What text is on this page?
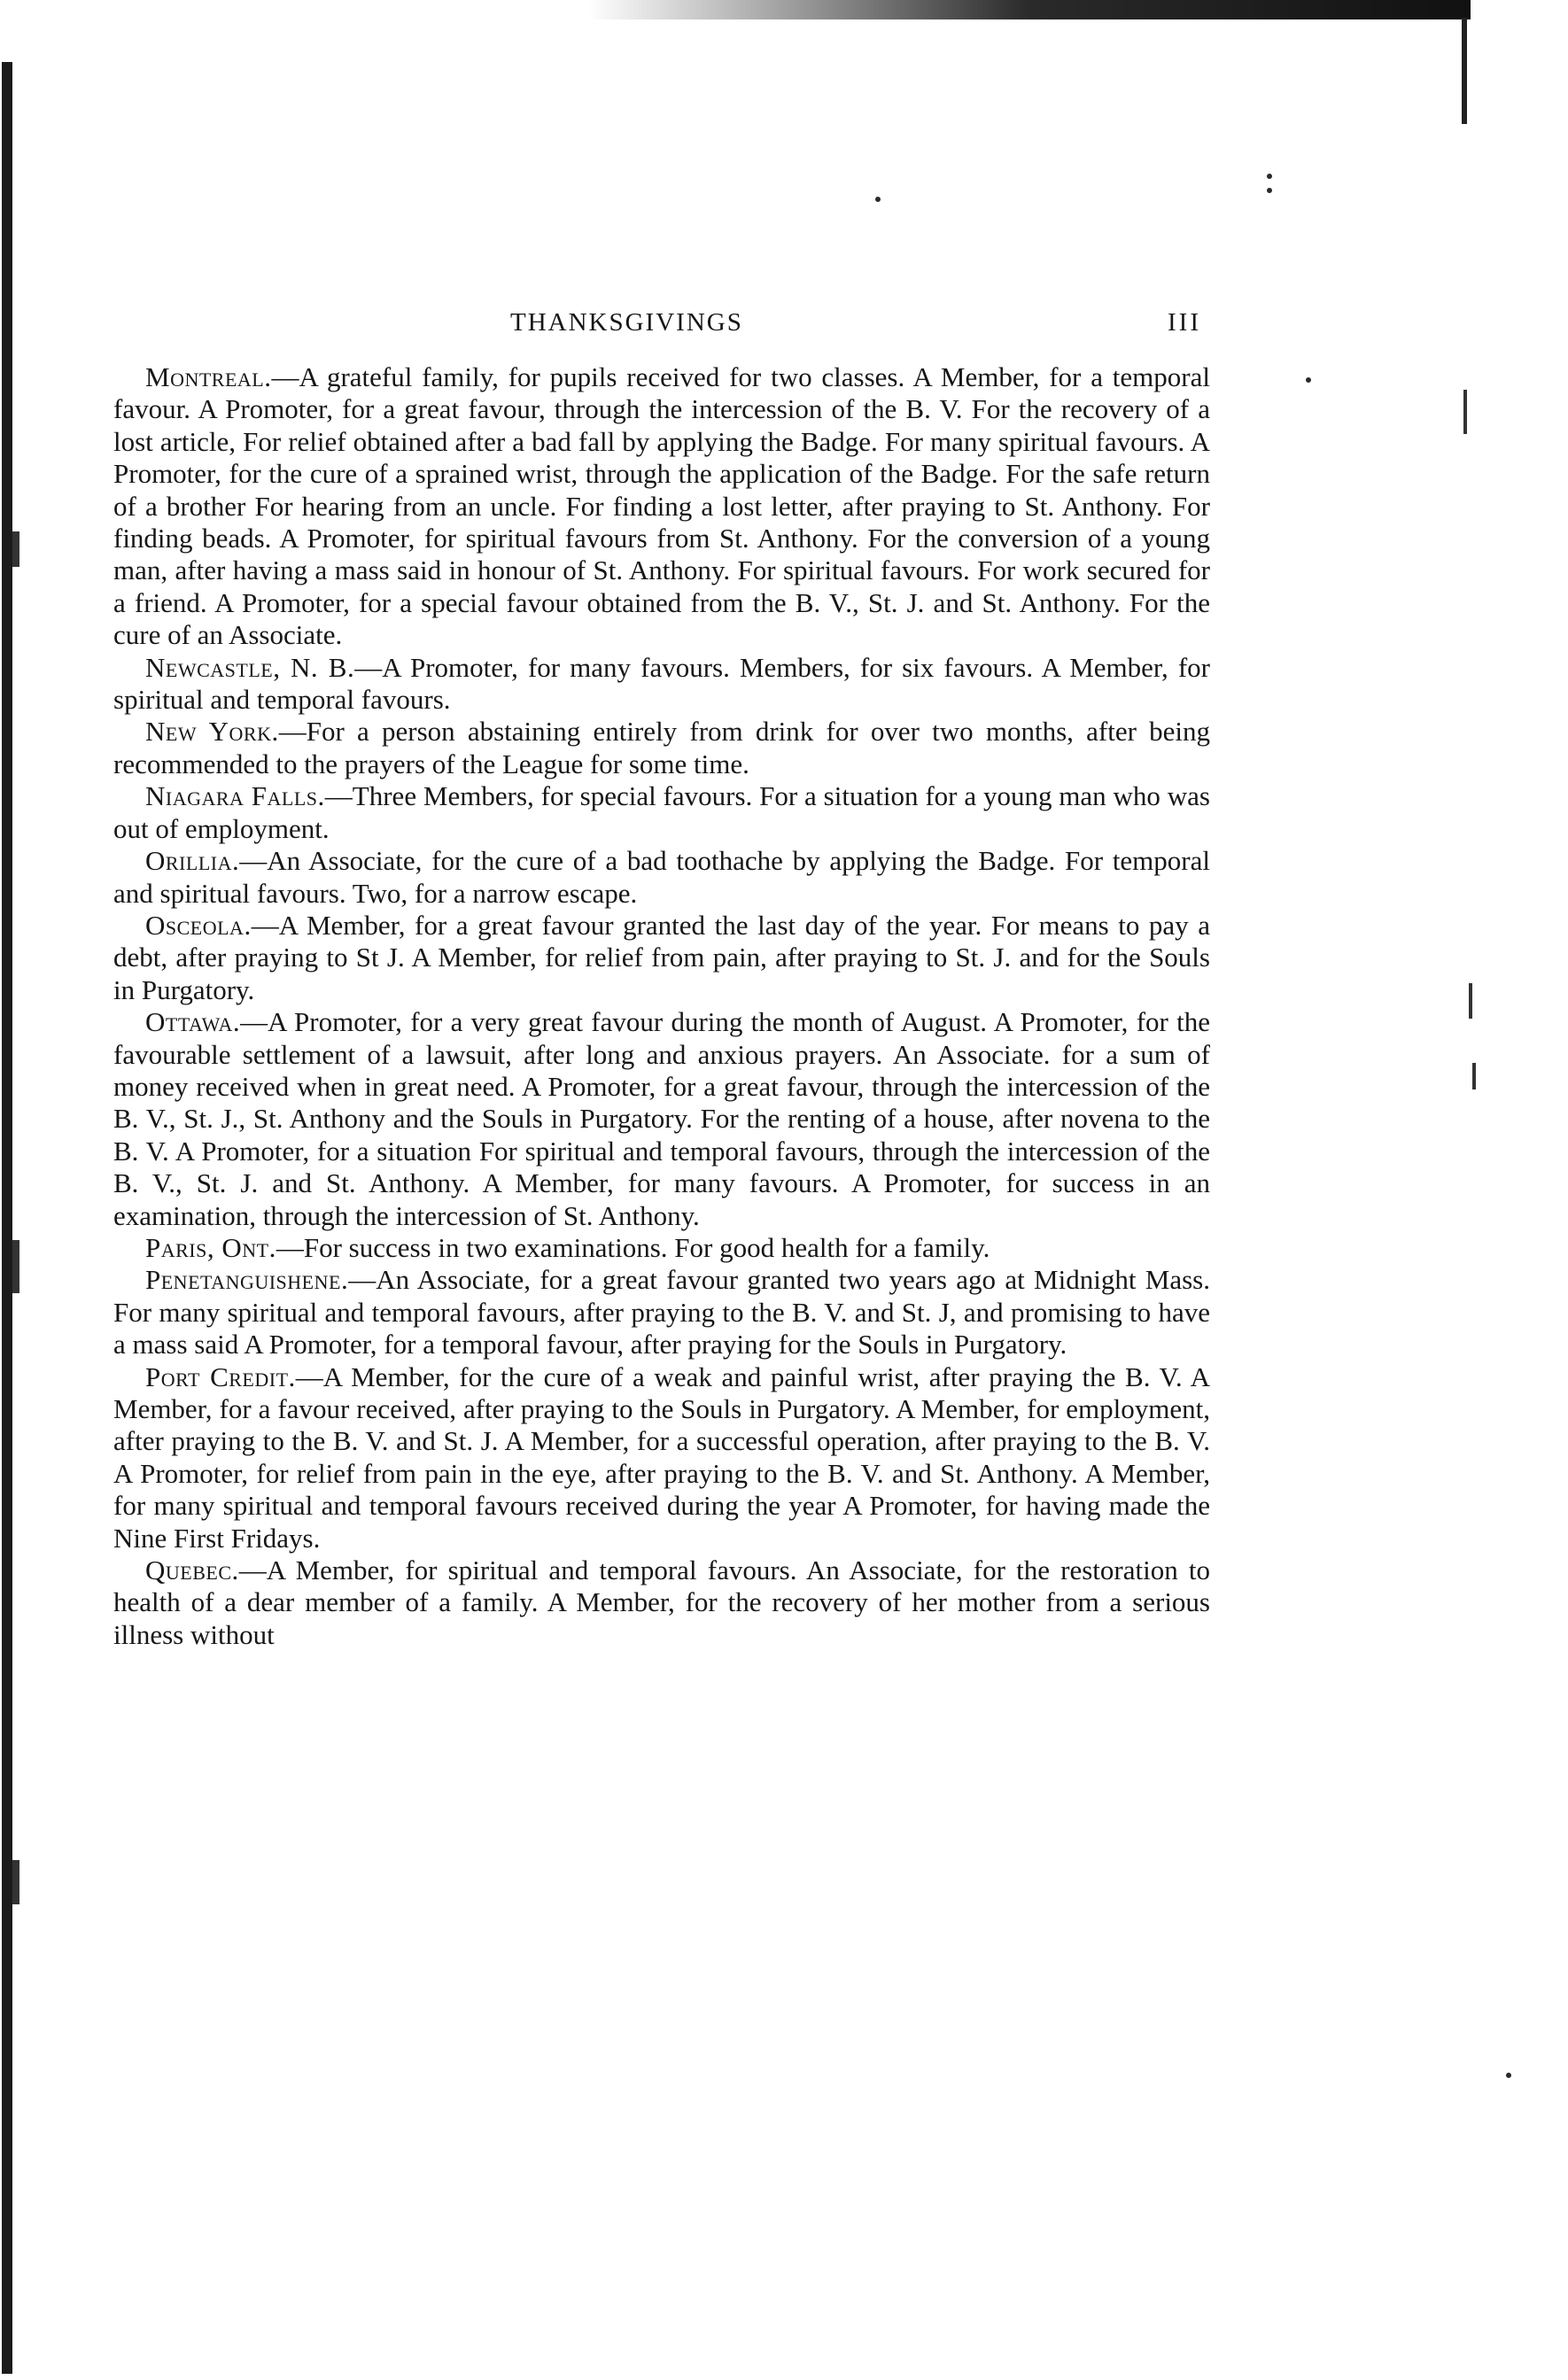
THANKSGIVINGS	III

Montreal.—A grateful family, for pupils received for two classes. A Member, for a temporal favour. A Promoter, for a great favour, through the intercession of the B. V. For the recovery of a lost article, For relief obtained after a bad fall by applying the Badge. For many spiritual favours. A Promoter, for the cure of a sprained wrist, through the application of the Badge. For the safe return of a brother For hearing from an uncle. For finding a lost letter, after praying to St. Anthony. For finding beads. A Promoter, for spiritual favours from St. Anthony. For the conversion of a young man, after having a mass said in honour of St. Anthony. For spiritual favours. For work secured for a friend. A Promoter, for a special favour obtained from the B. V., St. J. and St. Anthony. For the cure of an Associate.

Newcastle, N. B.—A Promoter, for many favours. Members, for six favours. A Member, for spiritual and temporal favours.

New York.—For a person abstaining entirely from drink for over two months, after being recommended to the prayers of the League for some time.

Niagara Falls.—Three Members, for special favours. For a situation for a young man who was out of employment.

Orillia.—An Associate, for the cure of a bad toothache by applying the Badge. For temporal and spiritual favours. Two, for a narrow escape.

Osceola.—A Member, for a great favour granted the last day of the year. For means to pay a debt, after praying to St J. A Member, for relief from pain, after praying to St. J. and for the Souls in Purgatory.

Ottawa.—A Promoter, for a very great favour during the month of August. A Promoter, for the favourable settlement of a lawsuit, after long and anxious prayers. An Associate. for a sum of money received when in great need. A Promoter, for a great favour, through the intercession of the B. V., St. J., St. Anthony and the Souls in Purgatory. For the renting of a house, after novena to the B. V. A Promoter, for a situation For spiritual and temporal favours, through the intercession of the B. V., St. J. and St. Anthony. A Member, for many favours. A Promoter, for success in an examination, through the intercession of St. Anthony.

Paris, Ont.—For success in two examinations. For good health for a family.

Penetanguishene.—An Associate, for a great favour granted two years ago at Midnight Mass. For many spiritual and temporal favours, after praying to the B. V. and St. J, and promising to have a mass said A Promoter, for a temporal favour, after praying for the Souls in Purgatory.

Port Credit.—A Member, for the cure of a weak and painful wrist, after praying the B. V. A Member, for a favour received, after praying to the Souls in Purgatory. A Member, for employment, after praying to the B. V. and St. J. A Member, for a successful operation, after praying to the B. V. A Promoter, for relief from pain in the eye, after praying to the B. V. and St. Anthony. A Member, for many spiritual and temporal favours received during the year A Promoter, for having made the Nine First Fridays.

Quebec.—A Member, for spiritual and temporal favours. An Associate, for the restoration to health of a dear member of a family. A Member, for the recovery of her mother from a serious illness without
